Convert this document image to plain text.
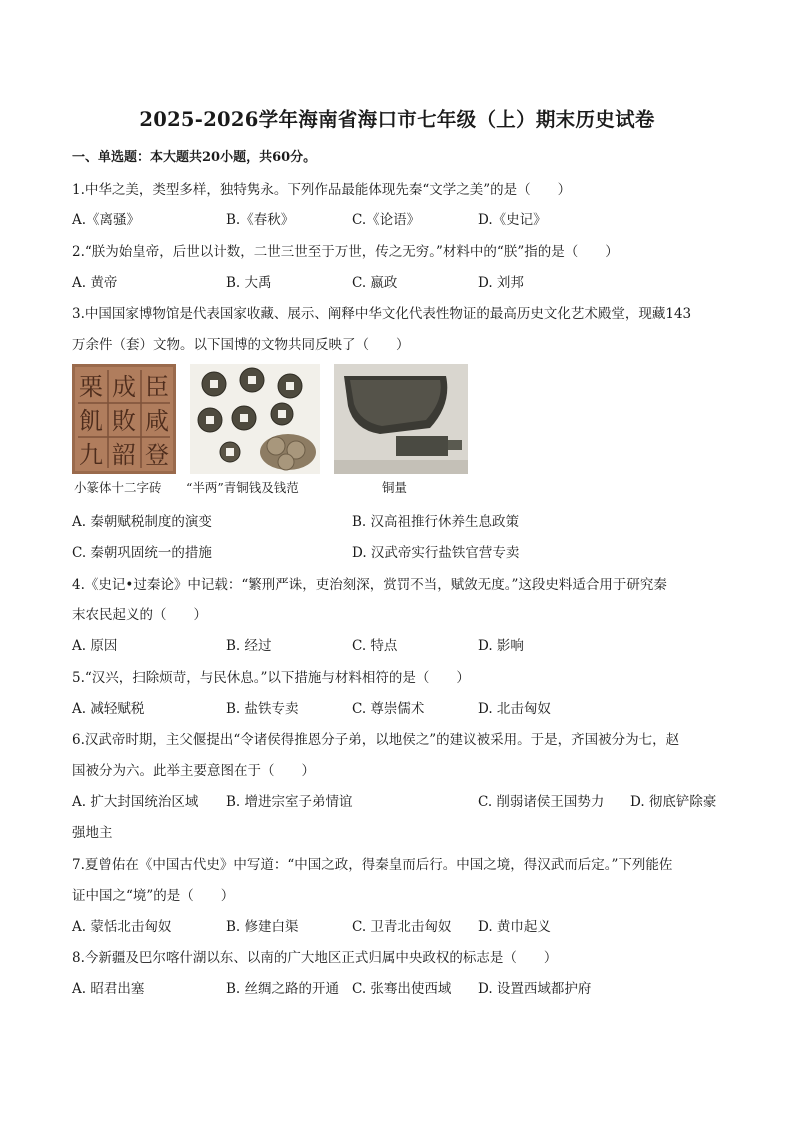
2025-2026学年海南省海口市七年级（上）期末历史试卷
一、单选题：本大题共20小题，共60分。
1.中华之美，类型多样，独特隽永。下列作品最能体现先秦“文学之美”的是（　　）
A.《离骚》	B.《春秋》	C.《论语》	D.《史记》
2.“朕为始皇帝，后世以计数，二世三世至于万世，传之无穷。”材料中的“朕”指的是（　　）
A. 黄帝	B. 大禹	C. 嬴政	D. 刘邦
3.中国国家博物馆是代表国家收藏、展示、阐释中华文化代表性物证的最高历史文化艺术殿堂，现藏143
万余件（套）文物。以下国博的文物共同反映了（　　）
栗 成 臣
飢 敗 咸
九 韶 登
小篆体十二字砖 “半两”青铜钱及钱范	铜量
A. 秦朝赋税制度的演变	B. 汉高祖推行休养生息政策
C. 秦朝巩固统一的措施	D. 汉武帝实行盐铁官营专卖
4.《史记•过秦论》中记载：“繁刑严诛，吏治刻深，赏罚不当，赋敛无度。”这段史料适合用于研究秦
末农民起义的（　　）
A. 原因	B. 经过	C. 特点	D. 影响
5.“汉兴，扫除烦苛，与民休息。”以下措施与材料相符的是（　　）
A. 减轻赋税	B. 盐铁专卖	C. 尊崇儒术	D. 北击匈奴
6.汉武帝时期，主父偃提出“令诸侯得推恩分子弟，以地侯之”的建议被采用。于是，齐国被分为七，赵
国被分为六。此举主要意图在于（　　）
A. 扩大封国统治区域 B. 增进宗室子弟情谊	C. 削弱诸侯王国势力 D. 彻底铲除豪
强地主
7.夏曾佑在《中国古代史》中写道：“中国之政，得秦皇而后行。中国之境，得汉武而后定。”下列能佐
证中国之“境”的是（　　）
A. 蒙恬北击匈奴	B. 修建白渠	C. 卫青北击匈奴 D. 黄巾起义
8.今新疆及巴尔喀什湖以东、以南的广大地区正式归属中央政权的标志是（　　）
A. 昭君出塞	B. 丝绸之路的开通 C. 张骞出使西域 D. 设置西域都护府
